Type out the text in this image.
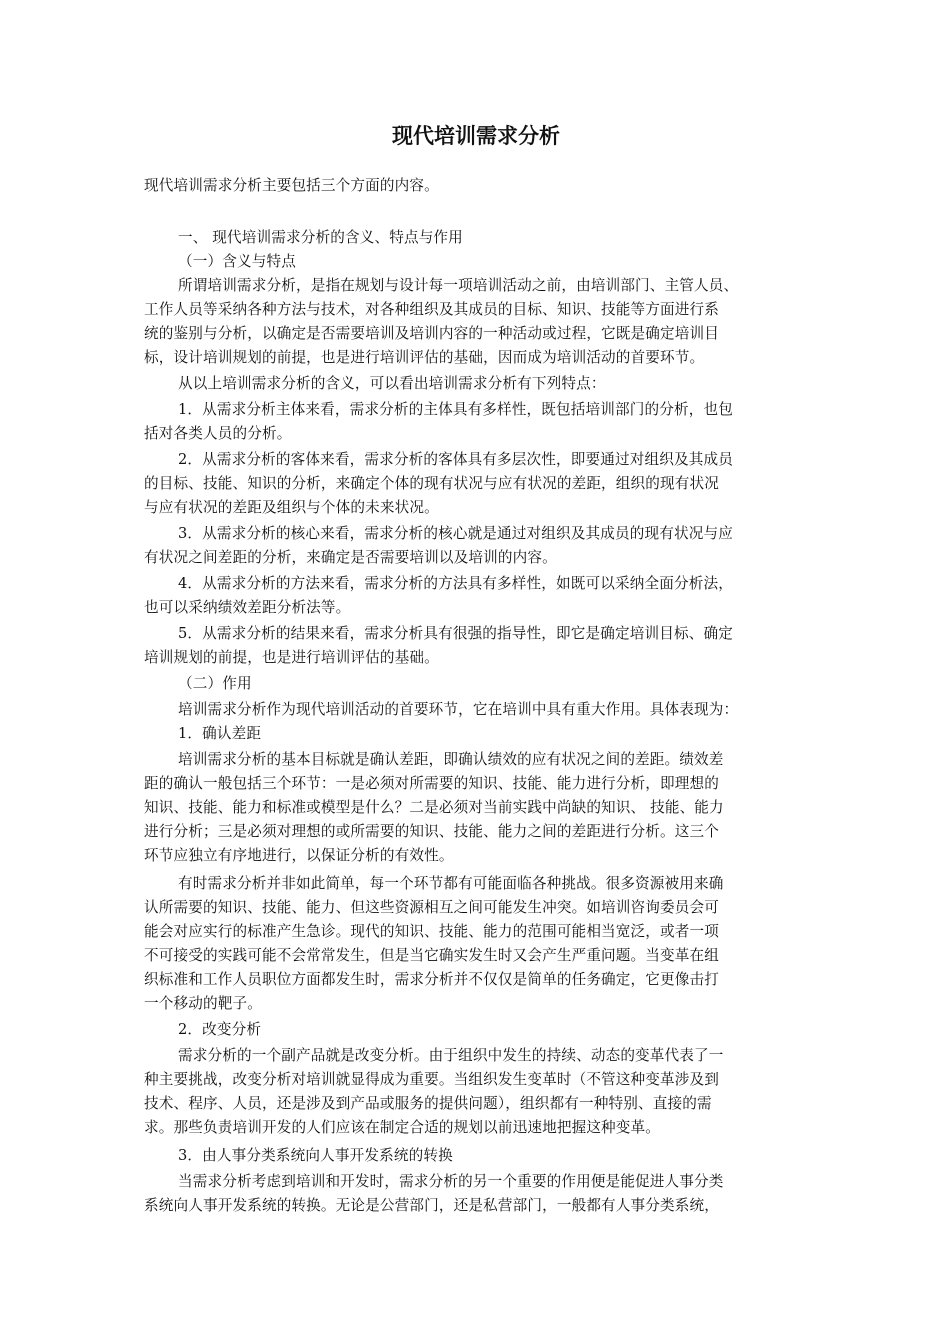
现代培训需求分析
现代培训需求分析主要包括三个方面的内容。
一、 现代培训需求分析的含义、特点与作用
（一）含义与特点
所谓培训需求分析，是指在规划与设计每一项培训活动之前，由培训部门、主管人员、
工作人员等采纳各种方法与技术，对各种组织及其成员的目标、知识、技能等方面进行系
统的鉴别与分析，以确定是否需要培训及培训内容的一种活动或过程，它既是确定培训目
标，设计培训规划的前提，也是进行培训评估的基础，因而成为培训活动的首要环节。
从以上培训需求分析的含义，可以看出培训需求分析有下列特点：
1．从需求分析主体来看，需求分析的主体具有多样性，既包括培训部门的分析，也包
括对各类人员的分析。
2．从需求分析的客体来看，需求分析的客体具有多层次性，即要通过对组织及其成员
的目标、技能、知识的分析，来确定个体的现有状况与应有状况的差距，组织的现有状况
与应有状况的差距及组织与个体的未来状况。
3．从需求分析的核心来看，需求分析的核心就是通过对组织及其成员的现有状况与应
有状况之间差距的分析，来确定是否需要培训以及培训的内容。
4．从需求分析的方法来看，需求分析的方法具有多样性，如既可以采纳全面分析法，
也可以采纳绩效差距分析法等。
5．从需求分析的结果来看，需求分析具有很强的指导性，即它是确定培训目标、确定
培训规划的前提，也是进行培训评估的基础。
（二）作用
培训需求分析作为现代培训活动的首要环节，它在培训中具有重大作用。具体表现为：
1．确认差距
培训需求分析的基本目标就是确认差距，即确认绩效的应有状况之间的差距。绩效差
距的确认一般包括三个环节：一是必须对所需要的知识、技能、能力进行分析，即理想的
知识、技能、能力和标准或模型是什么？二是必须对当前实践中尚缺的知识、 技能、能力
进行分析；三是必须对理想的或所需要的知识、技能、能力之间的差距进行分析。这三个
环节应独立有序地进行，以保证分析的有效性。
有时需求分析并非如此简单，每一个环节都有可能面临各种挑战。很多资源被用来确
认所需要的知识、技能、能力、但这些资源相互之间可能发生冲突。如培训咨询委员会可
能会对应实行的标准产生急诊。现代的知识、技能、能力的范围可能相当宽泛，或者一项
不可接受的实践可能不会常常发生，但是当它确实发生时又会产生严重问题。当变革在组
织标准和工作人员职位方面都发生时，需求分析并不仅仅是简单的任务确定，它更像击打
一个移动的靶子。
2．改变分析
需求分析的一个副产品就是改变分析。由于组织中发生的持续、动态的变革代表了一
种主要挑战，改变分析对培训就显得成为重要。当组织发生变革时（不管这种变革涉及到
技术、程序、人员，还是涉及到产品或服务的提供问题），组织都有一种特别、直接的需
求。那些负责培训开发的人们应该在制定合适的规划以前迅速地把握这种变革。
3．由人事分类系统向人事开发系统的转换
当需求分析考虑到培训和开发时，需求分析的另一个重要的作用便是能促进人事分类
系统向人事开发系统的转换。无论是公营部门，还是私营部门，一般都有人事分类系统，
